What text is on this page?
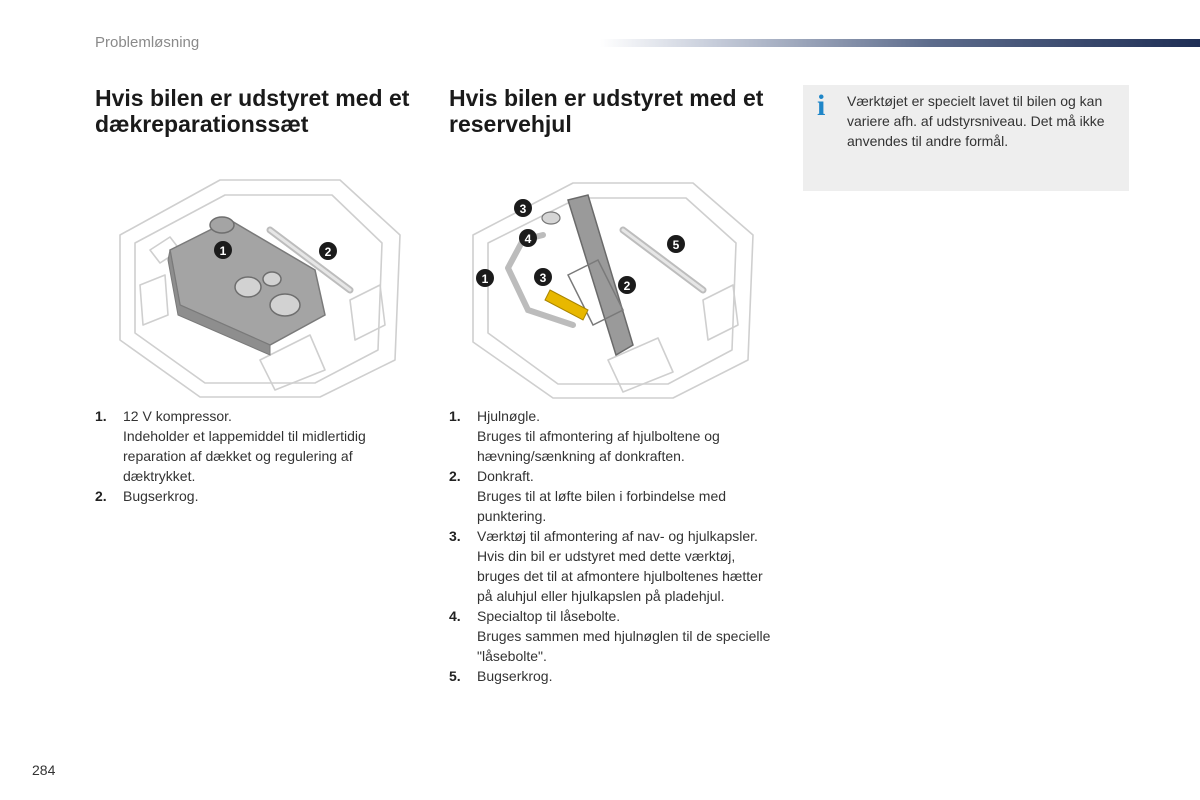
Problemløsning
Hvis bilen er udstyret med et dækreparationssæt
Hvis bilen er udstyret med et reservehjul
i Værktøjet er specielt lavet til bilen og kan variere afh. af udstyrsniveau. Det må ikke anvendes til andre formål.
1	2
3
4
1	3
2
5
1. 12 V kompressor.
Indeholder et lappemiddel til midlertidig reparation af dækket og regulering af dæktrykket.
2. Bugserkrog.
1. Hjulnøgle.
Bruges til afmontering af hjulboltene og hævning/sænkning af donkraften.
2. Donkraft.
Bruges til at løfte bilen i forbindelse med punktering.
3. Værktøj til afmontering af nav- og hjulkapsler.
Hvis din bil er udstyret med dette værktøj, bruges det til at afmontere hjulboltenes hætter på aluhjul eller hjulkapslen på pladehjul.
4. Specialtop til låsebolte.
Bruges sammen med hjulnøglen til de specielle "låsebolte".
5. Bugserkrog.
284
